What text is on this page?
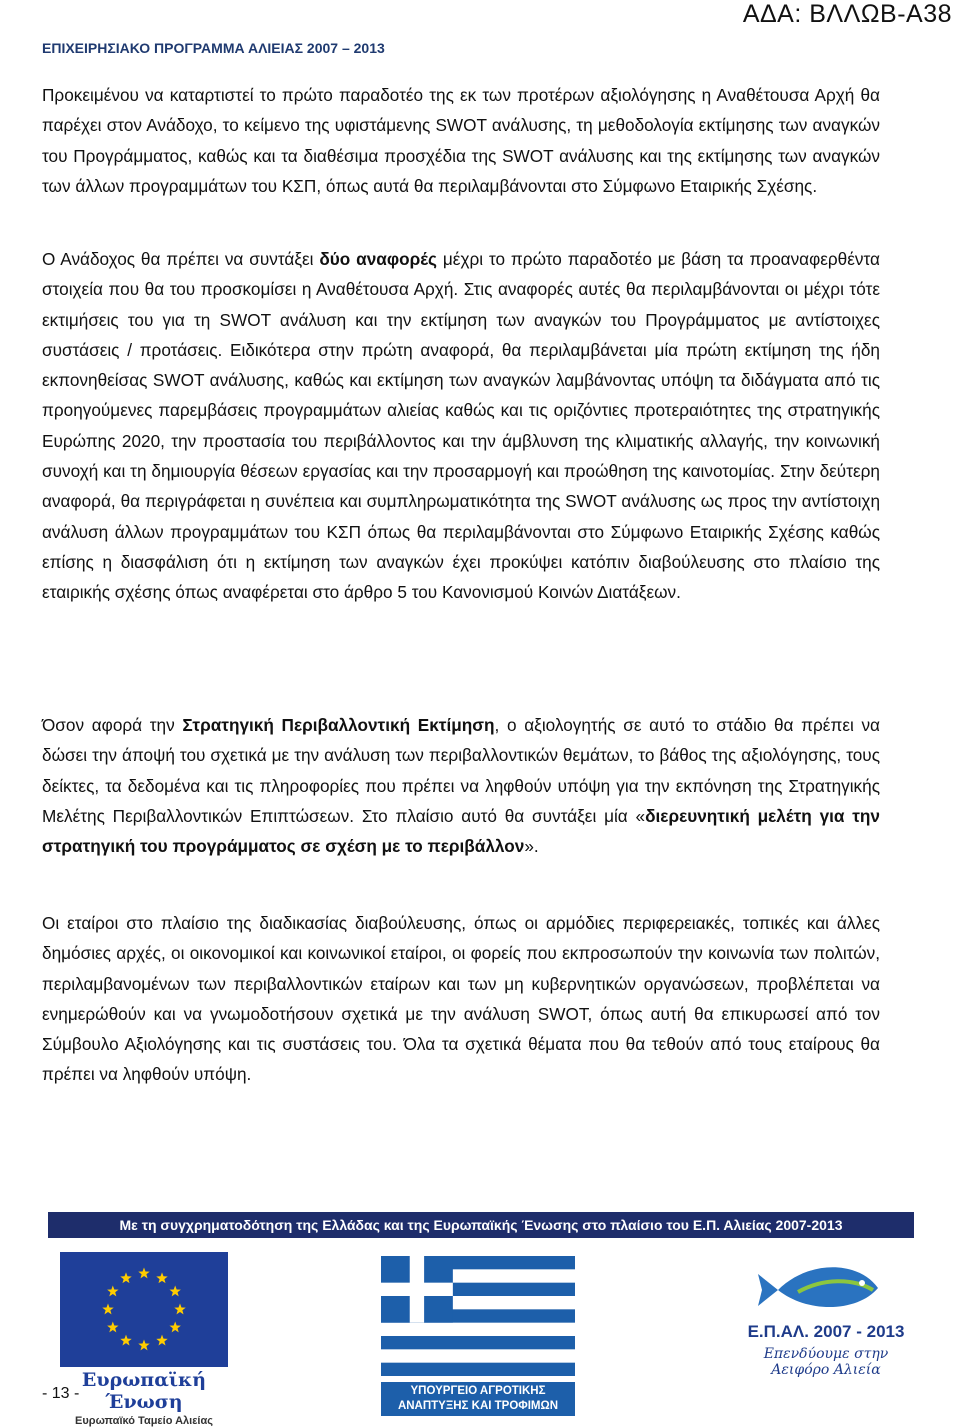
ΑΔΑ: ΒΛΛΩΒ-Α38
ΕΠΙΧΕΙΡΗΣΙΑΚΟ ΠΡΟΓΡΑΜΜΑ ΑΛΙΕΙΑΣ 2007 – 2013

Προκειμένου να καταρτιστεί το πρώτο παραδοτέο της εκ των προτέρων αξιολόγησης η Αναθέτουσα Αρχή θα παρέχει στον Ανάδοχο, το κείμενο της υφιστάμενης SWOT ανάλυσης, τη μεθοδολογία εκτίμησης των αναγκών του Προγράμματος, καθώς και τα διαθέσιμα προσχέδια της SWOT ανάλυσης και της εκτίμησης των αναγκών των άλλων προγραμμάτων του ΚΣΠ, όπως αυτά θα περιλαμβάνονται στο Σύμφωνο Εταιρικής Σχέσης.

Ο Ανάδοχος θα πρέπει να συντάξει δύο αναφορές μέχρι το πρώτο παραδοτέο με βάση τα προαναφερθέντα στοιχεία που θα του προσκομίσει η Αναθέτουσα Αρχή. Στις αναφορές αυτές θα περιλαμβάνονται οι μέχρι τότε εκτιμήσεις του για τη SWOT ανάλυση και την εκτίμηση των αναγκών του Προγράμματος με αντίστοιχες συστάσεις / προτάσεις. Ειδικότερα στην πρώτη αναφορά, θα περιλαμβάνεται μία πρώτη εκτίμηση της ήδη εκπονηθείσας SWOT ανάλυσης, καθώς και εκτίμηση των αναγκών λαμβάνοντας υπόψη τα διδάγματα από τις προηγούμενες παρεμβάσεις προγραμμάτων αλιείας καθώς και τις οριζόντιες προτεραιότητες της στρατηγικής Ευρώπης 2020, την προστασία του περιβάλλοντος και την άμβλυνση της κλιματικής αλλαγής, την κοινωνική συνοχή και τη δημιουργία θέσεων εργασίας και την προσαρμογή και προώθηση της καινοτομίας. Στην δεύτερη αναφορά, θα περιγράφεται η συνέπεια και συμπληρωματικότητα της SWOT ανάλυσης ως προς την αντίστοιχη ανάλυση άλλων προγραμμάτων του ΚΣΠ όπως θα περιλαμβάνονται στο Σύμφωνο Εταιρικής Σχέσης καθώς επίσης η διασφάλιση ότι η εκτίμηση των αναγκών έχει προκύψει κατόπιν διαβούλευσης στο πλαίσιο της εταιρικής σχέσης όπως αναφέρεται στο άρθρο 5 του Κανονισμού Κοινών Διατάξεων.

Όσον αφορά την Στρατηγική Περιβαλλοντική Εκτίμηση, ο αξιολογητής σε αυτό το στάδιο θα πρέπει να δώσει την άποψή του σχετικά με την ανάλυση των περιβαλλοντικών θεμάτων, το βάθος της αξιολόγησης, τους δείκτες, τα δεδομένα και τις πληροφορίες που πρέπει να ληφθούν υπόψη για την εκπόνηση της Στρατηγικής Μελέτης Περιβαλλοντικών Επιπτώσεων. Στο πλαίσιο αυτό θα συντάξει μία «διερευνητική μελέτη για την στρατηγική του προγράμματος σε σχέση με το περιβάλλον».

Οι εταίροι στο πλαίσιο της διαδικασίας διαβούλευσης, όπως οι αρμόδιες περιφερειακές, τοπικές και άλλες δημόσιες αρχές, οι οικονομικοί και κοινωνικοί εταίροι, οι φορείς που εκπροσωπούν την κοινωνία των πολιτών, περιλαμβανομένων των περιβαλλοντικών εταίρων και των μη κυβερνητικών οργανώσεων, προβλέπεται να ενημερώθούν και να γνωμοδοτήσουν σχετικά με την ανάλυση SWOT, όπως αυτή θα επικυρωσεί από τον Σύμβουλο Αξιολόγησης και τις συστάσεις του. Όλα τα σχετικά θέματα που θα τεθούν από τους εταίρους θα πρέπει να ληφθούν υπόψη.

Με τη συγχρηματοδότηση της Ελλάδας και της Ευρωπαϊκής Ένωσης στο πλαίσιο του Ε.Π. Αλιείας 2007-2013
Ευρωπαϊκή Ένωση
Ευρωπαϊκό Ταμείο Αλιείας
ΥΠΟΥΡΓΕΙΟ ΑΓΡΟΤΙΚΗΣ
ΑΝΑΠΤΥΞΗΣ ΚΑΙ ΤΡΟΦΙΜΩΝ
Ε.Π.ΑΛ. 2007 - 2013
Επενδύουμε στην Αειφόρο Αλιεία
- 13 -
